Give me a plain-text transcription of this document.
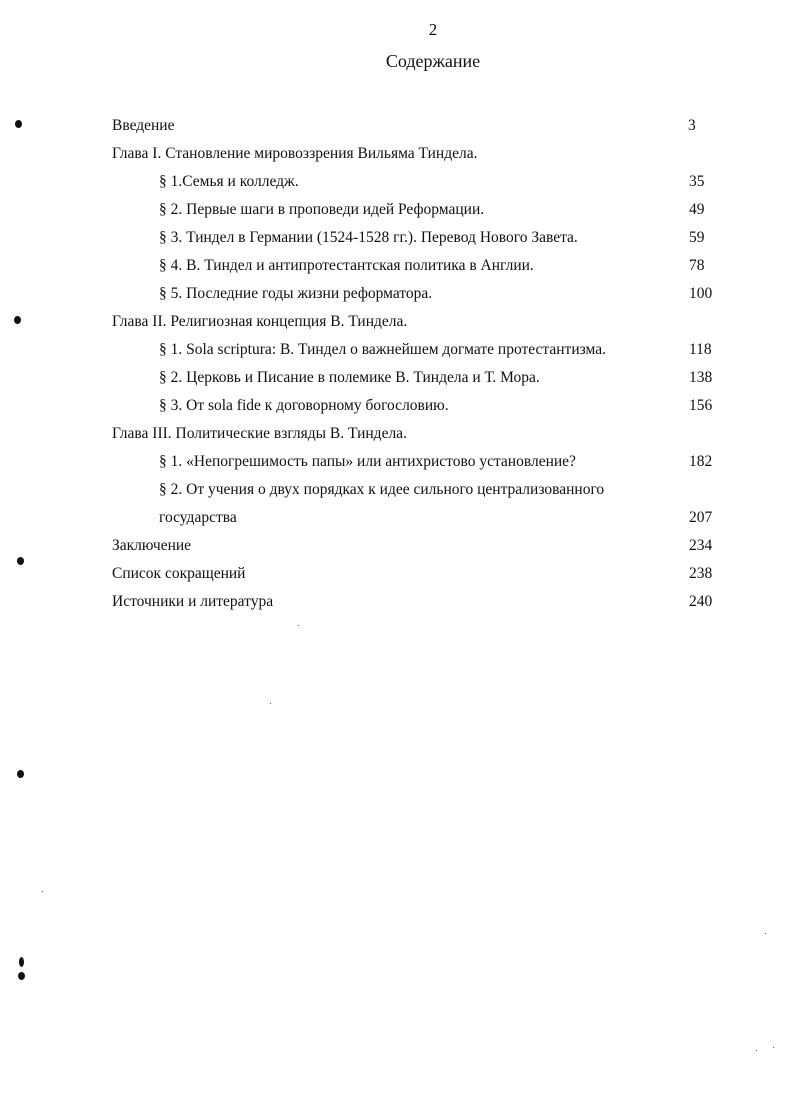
2
Содержание
Введение	3
Глава I. Становление мировоззрения Вильяма Тиндела.
§ 1.Семья и колледж.	35
§ 2. Первые шаги в проповеди идей Реформации.	49
§ 3. Тиндел в Германии (1524-1528 гг.). Перевод Нового Завета.	59
§ 4. В. Тиндел и антипротестантская политика в Англии.	78
§ 5. Последние годы жизни реформатора.	100
Глава II. Религиозная концепция В. Тиндела.
§ 1. Sola scriptura: В. Тиндел о важнейшем догмате протестантизма.	118
§ 2. Церковь и Писание в полемике В. Тиндела и Т. Мора.	138
§ 3. От sola fide к договорному богословию.	156
Глава III. Политические взгляды В. Тиндела.
§ 1. «Непогрешимость папы» или антихристово установление?	182
§ 2. От учения о двух порядках к идее сильного централизованного
государства	207
Заключение	234
Список сокращений	238
Источники и литература	240
